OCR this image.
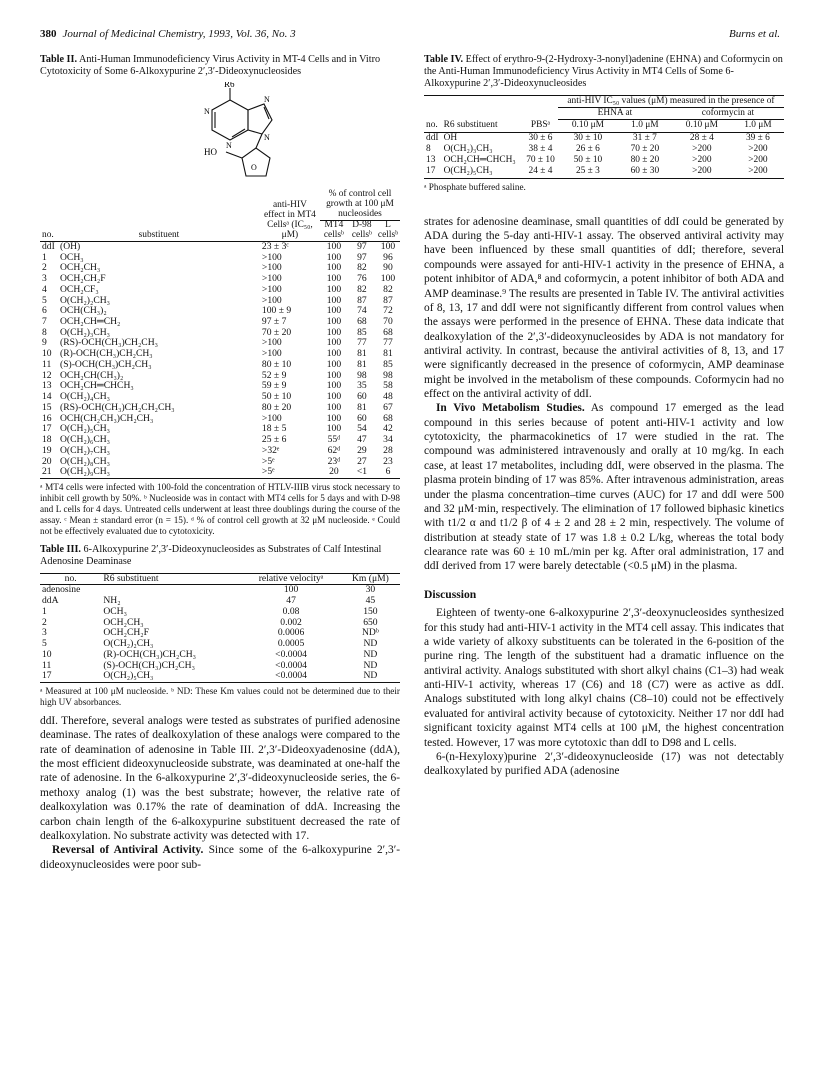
380 Journal of Medicinal Chemistry, 1993, Vol. 36, No. 3	Burns et al.
Table II. Anti-Human Immunodeficiency Virus Activity in MT-4 Cells and in Vitro Cytotoxicity of Some 6-Alkoxypurine 2′,3′-Dideoxynucleosides
R6
N
N
N
N
HO
O
no.	substituent	anti-HIV effect in MT4 Cellsᵃ (IC₅₀, μM)	% of control cell growth at 100 μM nucleosides		
			MT4 cellsᵇ	D-98 cellsᵇ	L cellsᵇ
ddI	(OH)	23 ± 3ᶜ	100	97	100
1	OCH₃	>100	100	97	96
2	OCH₂CH₃	>100	100	82	90
3	OCH₂CH₂F	>100	100	76	100
4	OCH₂CF₃	>100	100	82	82
5	O(CH₂)₂CH₃	>100	100	87	87
6	OCH(CH₃)₂	100 ± 9	100	74	72
7	OCH₂CH═CH₂	97 ± 7	100	68	70
8	O(CH₂)₃CH₃	70 ± 20	100	85	68
9	(RS)-OCH(CH₃)CH₂CH₃	>100	100	77	77
10	(R)-OCH(CH₃)CH₂CH₃	>100	100	81	81
11	(S)-OCH(CH₃)CH₂CH₃	80 ± 10	100	81	85
12	OCH₂CH(CH₃)₂	52 ± 9	100	98	98
13	OCH₂CH═CHCH₃	59 ± 9	100	35	58
14	O(CH₂)₄CH₃	50 ± 10	100	60	48
15	(RS)-OCH(CH₃)CH₂CH₂CH₃	80 ± 20	100	81	67
16	OCH(CH₂CH₃)CH₂CH₃	>100	100	60	68
17	O(CH₂)₅CH₃	18 ± 5	100	54	42
18	O(CH₂)₆CH₃	25 ± 6	55ᵈ	47	34
19	O(CH₂)₇CH₃	>32ᵉ	62ᵈ	29	28
20	O(CH₂)₈CH₃	>5ᵉ	23ᵈ	27	23
21	O(CH₂)₉CH₃	>5ᵉ	20	<1	6
ᵃ MT4 cells were infected with 100-fold the concentration of HTLV-IIIB virus stock necessary to inhibit cell growth by 50%. ᵇ Nucleoside was in contact with MT4 cells for 5 days and with D-98 and L cells for 4 days. Untreated cells underwent at least three doublings during the course of the assay. ᶜ Mean ± standard error (n = 15). ᵈ % of control cell growth at 32 μM nucleoside. ᵉ Could not be effectively evaluated due to cytotoxicity.
Table III. 6-Alkoxypurine 2′,3′-Dideoxynucleosides as Substrates of Calf Intestinal Adenosine Deaminase
no.	R6 substituent	relative velocityᵃ	Km (μM)
adenosine		100	30
ddA	NH₂	47	45
1	OCH₃	0.08	150
2	OCH₂CH₃	0.002	650
3	OCH₂CH₂F	0.0006	NDᵇ
5	O(CH₂)₂CH₃	0.0005	ND
10	(R)-OCH(CH₃)CH₂CH₃	<0.0004	ND
11	(S)-OCH(CH₃)CH₂CH₃	<0.0004	ND
17	O(CH₂)₅CH₃	<0.0004	ND
ᵃ Measured at 100 μM nucleoside. ᵇ ND: These Km values could not be determined due to their high UV absorbances.

ddI. Therefore, several analogs were tested as substrates of purified adenosine deaminase. The rates of dealkoxylation of these analogs were compared to the rate of deamination of adenosine in Table III. 2′,3′-Dideoxyadenosine (ddA), the most efficient dideoxynucleoside substrate, was deaminated at one-half the rate of adenosine. In the 6-alkoxypurine 2′,3′-dideoxynucleoside series, the 6-methoxy analog (1) was the best substrate; however, the relative rate of dealkoxylation was 0.17% the rate of deamination of ddA. Increasing the carbon chain length of the 6-alkoxypurine substituent decreased the rate of dealkoxylation. No substrate activity was detected with 17.

Reversal of Antiviral Activity. Since some of the 6-alkoxypurine 2′,3′-dideoxynucleosides were poor sub-

Table IV. Effect of erythro-9-(2-Hydroxy-3-nonyl)adenine (EHNA) and Coformycin on the Anti-Human Immunodeficiency Virus Activity in MT4 Cells of Some 6-Alkoxypurine 2′,3′-Dideoxynucleosides
			anti-HIV IC₅₀ values (μM) measured in the presence of			
			EHNA at		coformycin at	
no.	R6 substituent	PBSᵃ	0.10 μM	1.0 μM	0.10 μM	1.0 μM
ddI	OH	30 ± 6	30 ± 10	31 ± 7	28 ± 4	39 ± 6
8	O(CH₂)₃CH₃	38 ± 4	26 ± 6	70 ± 20	>200	>200
13	OCH₂CH═CHCH₃	70 ± 10	50 ± 10	80 ± 20	>200	>200
17	O(CH₂)₅CH₃	24 ± 4	25 ± 3	60 ± 30	>200	>200
ᵃ Phosphate buffered saline.

strates for adenosine deaminase, small quantities of ddI could be generated by ADA during the 5-day anti-HIV-1 assay. The observed antiviral activity may have been influenced by these small quantities of ddI; therefore, several compounds were assayed for anti-HIV-1 activity in the presence of EHNA, a potent inhibitor of ADA,⁸ and coformycin, a potent inhibitor of both ADA and AMP deaminase.⁹ The results are presented in Table IV. The antiviral activities of 8, 13, 17 and ddI were not significantly different from control values when the assays were performed in the presence of EHNA. These data indicate that dealkoxylation of the 2′,3′-dideoxynucleosides by ADA is not mandatory for antiviral activity. In contrast, because the antiviral activities of 8, 13, and 17 were significantly decreased in the presence of coformycin, AMP deaminase might be involved in the metabolism of these compounds. Coformycin had no effect on the antiviral activity of ddI.

In Vivo Metabolism Studies. As compound 17 emerged as the lead compound in this series because of potent anti-HIV-1 activity and low cytotoxicity, the pharmacokinetics of 17 were studied in the rat. The compound was administered intravenously and orally at 10 mg/kg. In each case, at least 17 metabolites, including ddI, were observed in the plasma. The plasma protein binding of 17 was 85%. After intravenous administration, areas under the plasma concentration–time curves (AUC) for 17 and ddI were 500 and 32 μM·min, respectively. The elimination of 17 followed biphasic kinetics with t1/2 α and t1/2 β of 4 ± 2 and 28 ± 2 min, respectively. The volume of distribution at steady state of 17 was 1.8 ± 0.2 L/kg, whereas the total body clearance rate was 60 ± 10 mL/min per kg. After oral administration, 17 and ddI derived from 17 were barely detectable (<0.5 μM) in the plasma.

Discussion

Eighteen of twenty-one 6-alkoxypurine 2′,3′-deoxynucleosides synthesized for this study had anti-HIV-1 activity in the MT4 cell assay. This indicates that a wide variety of alkoxy substituents can be tolerated in the 6-position of the purine ring. The length of the substituent had a dramatic influence on the antiviral activity. Analogs substituted with short alkyl chains (C1–3) had weak anti-HIV-1 activity, whereas 17 (C6) and 18 (C7) were as active as ddI. Analogs substituted with long alkyl chains (C8–10) could not be effectively evaluated for antiviral activity because of cytotoxicity. Neither 17 nor ddI had significant toxicity against MT4 cells at 100 μM, the highest concentration tested. However, 17 was more cytotoxic than ddI to D98 and L cells.

6-(n-Hexyloxy)purine 2′,3′-dideoxynucleoside (17) was not detectably dealkoxylated by purified ADA (adenosine
